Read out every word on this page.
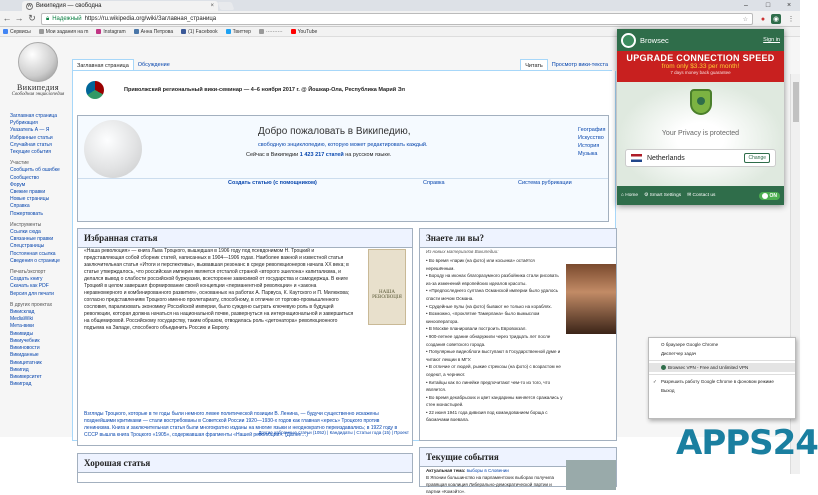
W Википедия — свободна	×	–	□	×
← → ↻ 🔒︎ Надежный https://ru.wikipedia.org/wiki/Заглавная_страница	☆	●	◉ ⋮
Сервисы	Мои задания на m	Instagram	Анна Петрова	(1) Facebook	Твиттер	··········	YouTube
Википедия
Свободная энциклопедия
Заглавная страница
Рубрикация
Указатель А — Я
Избранные статьи
Случайная статья
Текущие события
Участие
Сообщить об ошибке
Сообщество
Форум
Свежие правки
Новые страницы
Справка
Пожертвовать
Инструменты
Ссылки сюда
Связанные правки
Спецстраницы
Постоянная ссылка
Сведения о странице
Печать/экспорт
Создать книгу
Скачать как PDF
Версия для печати
В других проектах
Викисклад
MediaWiki
Мета-вики
Викивиды
Викиучебник
Викиновости
Викиданные
Викицитатник
Викигид
Викиверситет
Викиград
Заглавная страница	Обсуждение	Читать	Просмотр вики-текста
Приволжский региональный вики-семинар — 4–6 ноября 2017 г. @ Йошкар-Ола, Республика Марий Эл
Добро пожаловать в Википедию,
свободную энциклопедию, которую может редактировать каждый.
Сейчас в Википедии 1 423 217 статей на русском языке.
География
Искусство
История
Музыка
Создать статью (с помощником)	Справка	Система рубрикации
Избранная статья
«Наша революция» — книга Льва Троцкого, вышедшая в 1906 году под псевдонимом Н. Троцкий и представляющая собой сборник статей, написанных в 1904—1906 годах. Наиболее важной и известной статья заключительная статья «Итоги и перспективы», вызвавшая резонанс в среде революционеров начала XX века; в статье утверждалось, что российская империя является отсталой страной «второго эшелона» капитализма, и делался вывод о слабости российской буржуазии, всесторонне зависимой от государства и самодержца. В книге Троцкий в целом завершил формирование своей концепции «перманентной революции» и «закона неравномерного и комбинированного развития», основанных на работах А. Парвуса, К. Каутского и П. Милюкова; согласно представлениям Троцкого именно пролетариату, способному, в отличие от торгово-промышленного сословия, парализовать экономику Российской империи, было суждено сыграть ключевую роль в будущей революции, которая должна начаться на национальной почве, развернуться на интернациональной и завершиться на общемировой. Российскому государству, таким образом, отводилась роль «детонатора» революционного подъема на Западе, способного объединить Россию и Европу.
НАША РЕВОЛЮЦІЯ
Взгляды Троцкого, которые в те годы были немного левее политической позиции В. Ленина, — будучи существенно искажены позднейшими критиками — стали востребованы в Советской России 1920—1930-х годов как главная «ересь» Троцкого против ленинизма. Книга и заключительная статья были многократно изданы на многие языки и неоднократно переиздавались; в 1922 году в СССР вышла книга Троцкого «1905», содержавшая фрагменты «Нашей революции». (Далее…)
Другие избранные статьи (1052) | Кандидаты | Статьи года (15) | Проект
Хорошая статья
Знаете ли вы?
Из новых материалов Википедии:
• Во время «парик (на фото) или косынка» остаётся нерешённым.
• Бороду на иконах благоразумного разбойника стали рисовать из-за изменений европейских идеалов красоты.
• «Предпоследнего султана Османской империи было удалось спасти мечом Османа.
• Срудейные пулы (на фото) бывают не только на кораблях.
• Возможно, «проклятие Тамерлана» было вымыслом кинооператора.
• В Москве планировали построить Евровокзал.
• 900-летнее здание обнаружили через тридцать лет после создания советского города.
• Популярные видеоблоги выступают в Государственной думе и читают лекции в МГУ.
• В отличие от людей, рыжие стрекозы (на фото) с возрастом не седеют, а чернеют.
• Китайцы как по линейке предпочитают чем-то из того, что является.
• Во время декабрьских и цвет кандарины меняется сражались у стен монастырей.
• 22 июня 1941 года дивизия под командованием борща с басмачами воевала.
Текущие события
Актуальная тема: выборы в Словении
В Японии большинство на парламентских выборах получила правящая коалиция Либерально-демократической партии и партии «Комэйто».
APPS24
О браузере Google Chrome
Диспетчер задач
Browsec VPN - Free and Unlimited VPN
✓ Разрешить работу Google Chrome в фоновом режиме
Выход
Browsec	Sign in
UPGRADE CONNECTION SPEED
from only $3.33 per month!
7 days money back guarantee
Your Privacy is protected
Netherlands	Change
⌂ Home ⚙ Smart Settings ✉ Contact us	ON
